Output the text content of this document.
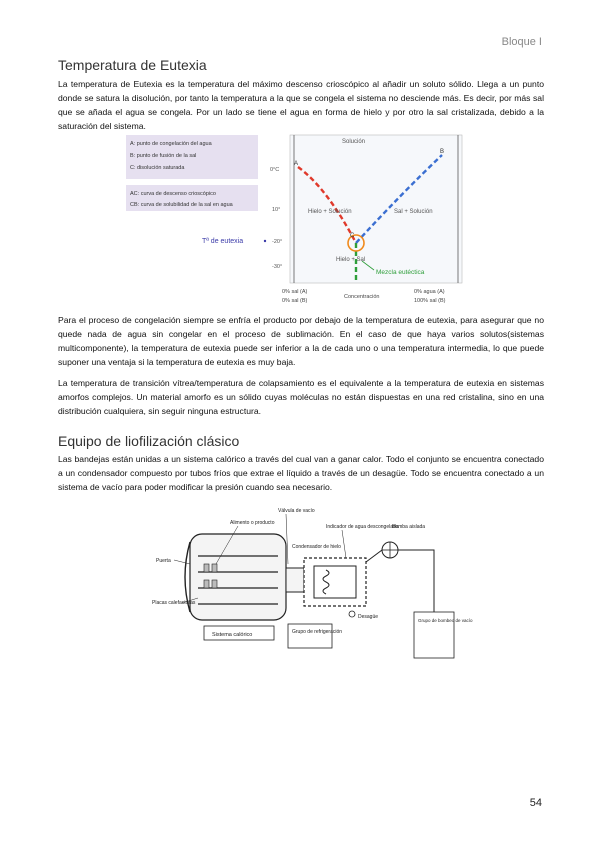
Bloque I
Temperatura de Eutexia

La temperatura de Eutexia es la temperatura del máximo descenso crioscópico al añadir un soluto sólido. Llega a un punto donde se satura la disolución, por tanto la temperatura a la que se congela el sistema no desciende más. Es decir, por más sal que se añada el agua se congela. Por un lado se tiene el agua en forma de hielo y por otro la sal cristalizada, debido a la saturación del sistema.

A: punto de congelación del agua
B: punto de fusión de la sal
C: disolución saturada
AC: curva de descenso crioscópico
CB: curva de solubilidad de la sal en agua
Tª de eutexia
0°C
10°
-20°
-30°
A
B
C
Solución
Hielo + Solución	Sal + Solución
Hielo + Sal
Mezcla eutéctica
0% sal (A)
0% sal (B)
Concentración
0% agua (A)
100% sal (B)

Para el proceso de congelación siempre se enfría el producto por debajo de la temperatura de eutexia, para asegurar que no quede nada de agua sin congelar en el proceso de sublimación. En el caso de que haya varios solutos(sistemas multicomponente), la temperatura de eutexia puede ser inferior a la de cada uno o una temperatura intermedia, lo que puede suponer una ventaja si la temperatura de eutexia es muy baja.

La temperatura de transición vítrea/temperatura de colapsamiento es el equivalente a la temperatura de eutexia en sistemas amorfos complejos. Un material amorfo es un sólido cuyas moléculas no están dispuestas en una red cristalina, sino en una distribución cualquiera, sin seguir ninguna estructura.

Equipo de liofilización clásico

Las bandejas están unidas a un sistema calórico a través del cual van a ganar calor. Todo el conjunto se encuentra conectado a un condensador compuesto por tubos fríos que extrae el líquido a través de un desagüe. Todo se encuentra conectado a un sistema de vacío para poder modificar la presión cuando sea necesario.

Sistema calórico	Grupo de refrigeración
Grupo de bombeo de vacío
Válvula de vacío
Alimento o producto
Indicador de agua descongelada
Bomba aislada
Puerta
Condensador de hielo
Placas calefactoras
Desagüe
54
